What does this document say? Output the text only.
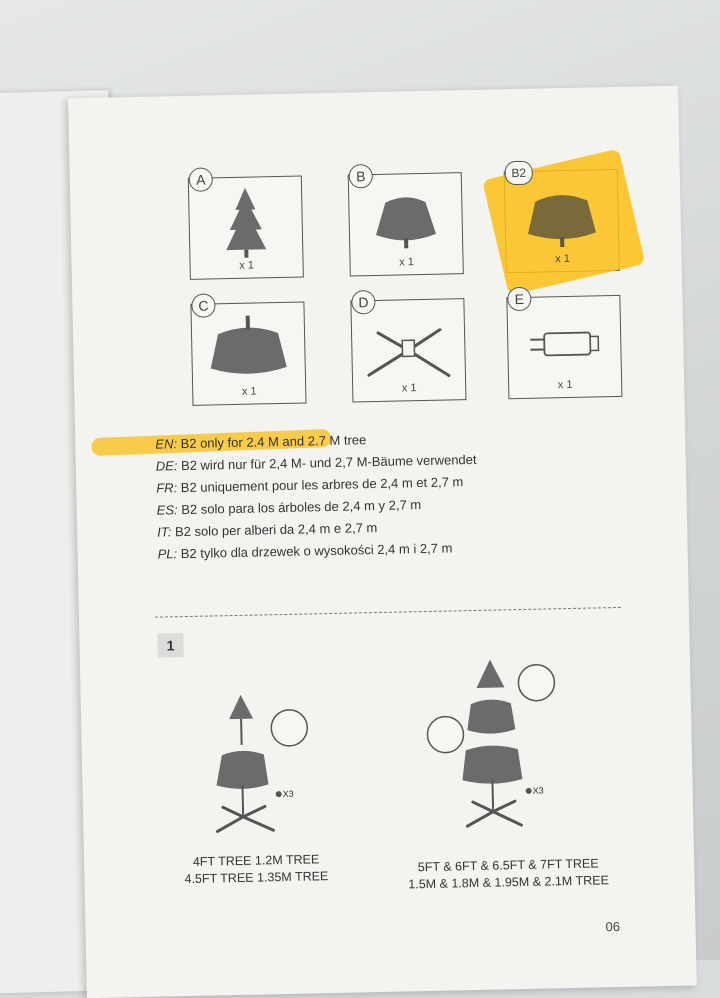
A
x 1
B
x 1
B2
x 1
C
x 1
D
x 1
E
x 1
EN: B2 only for 2.4 M and 2.7 M tree
DE: B2 wird nur für 2,4 M- und 2,7 M-Bäume verwendet
FR: B2 uniquement pour les arbres de 2,4 m et 2,7 m
ES: B2 solo para los árboles de 2,4 m y 2,7 m
IT: B2 solo per alberi da 2,4 m e 2,7 m
PL: B2 tylko dla drzewek o wysokości 2,4 m i 2,7 m
1
X3
4FT TREE 1.2M TREE
4.5FT TREE 1.35M TREE
X3
5FT & 6FT & 6.5FT & 7FT TREE
1.5M & 1.8M & 1.95M & 2.1M TREE
06
